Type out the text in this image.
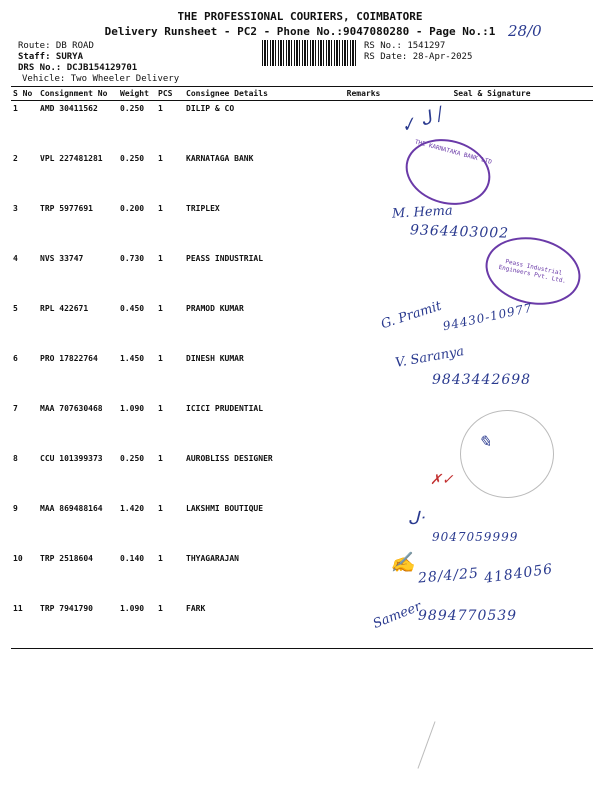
THE PROFESSIONAL COURIERS, COIMBATORE
Delivery Runsheet - PC2 - Phone No.:9047080280 - Page No.:1 28/0
Route: DB ROAD
Staff: SURYA
DRS No.: DCJB154129701
Vehicle: Two Wheeler Delivery
RS No.: 1541297
RS Date: 28-Apr-2025
S No	Consignment No	Weight	PCS	Consignee Details	Remarks	Seal & Signature
1	AMD 30411562	0.250	1	DILIP & CO		
2	VPL 227481281	0.250	1	KARNATAGA BANK		
3	TRP 5977691	0.200	1	TRIPLEX		
4	NVS 33747	0.730	1	PEASS INDUSTRIAL		
5	RPL 422671	0.450	1	PRAMOD KUMAR		
6	PRO 17822764	1.450	1	DINESH KUMAR		
7	MAA 707630468	1.090	1	ICICI PRUDENTIAL		
8	CCU 101399373	0.250	1	AUROBLISS DESIGNER		
9	MAA 869488164	1.420	1	LAKSHMI BOUTIQUE		
10	TRP 2518604	0.140	1	THYAGARAJAN		
11	TRP 7941790	1.090	1	FARK		
✓ ᒍ /
THE KARNATAKA BANK LTD
M. Hema
9364403002
Peass Industrial Engineers Pvt. Ltd.
G. Pramit
94430-10977
V. Saranya
9843442698
✎
✗✓
ᒍᐧ
9047059999
✍
28/4/25 4184056
Sameer
9894770539
